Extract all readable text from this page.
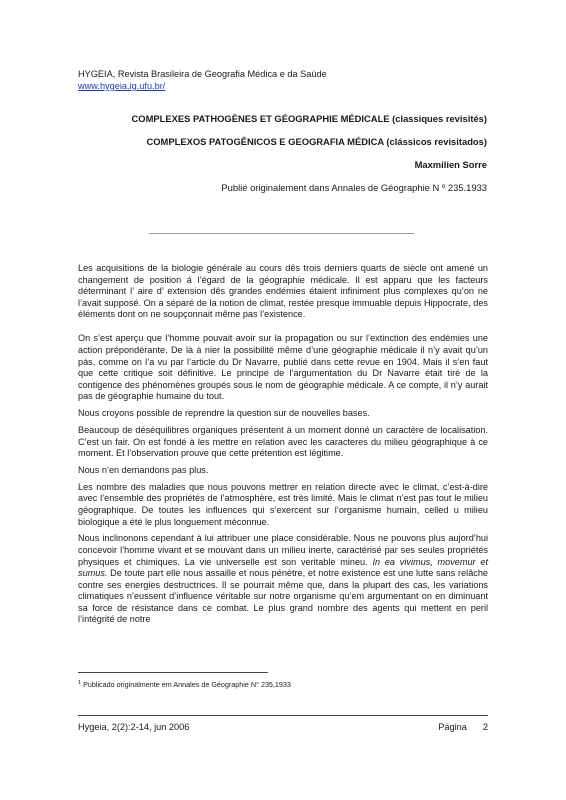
HYGEIA, Revista Brasileira de Geografia Médica e da Saúde
www.hygeia.ig.ufu.br/
COMPLEXES PATHOGÈNES ET GÉOGRAPHIE MÉDICALE (classiques revisités)
COMPLEXOS PATOGÊNICOS E GEOGRAFIA MÉDICA (clássicos revisitados)
Maxmilien Sorre
Publié originalement dans Annales de Géographie N º 235.1933

Les acquisitions de la biologie générale au cours dês trois derniers quarts de siècle ont amené un changement de position á l’égard de la géographie médicale. Il est apparu que les facteurs déterminant l’ aire d’ extension dês grandes endémies étaient infiniment plus complexes qu’on ne l’avait supposé. On a séparé de la notion de climat, restée presque immuable depuis Hippocrate, des éléments dont on ne soupçonnait même pas l’existence.

On s’est aperçu que l’homme pouvait avoir sur la propagation ou sur l’extinction des endémies une action prépondérante. De là à nier la possibilité même d’une géographie médicale il n’y avait qu’un pás, comme on l’a vu par l’article du Dr Navarre, publié dans cette revue en 1904. Mais il s’en faut que cette critique soit définitive. Le principe de l’argumentation du Dr Navarre était tiré de la contigence des phénomènes groupés sous le nom de géographie médicale. A ce compte, il n’y aurait pas de géographie humaine du tout.

Nous croyons possible de reprendre la question sur de nouvelles bases.

Beaucoup de déséquilibres organiques présentent à un moment donné un caractère de localisation. C’est un fair. On est fondé à les mettre en relation avec les caracteres du milieu géographique à ce moment. Et l’observation prouve que cette prétention est légitime.

Nous n’en demandons pas plus.

Les nombre des maladies que nous pouvons mettrer en relation directe avec le climat, c’est-à-dire avec l’ensemble des propriétés de l’atmosphère, est très limité. Mais le climat n’est pas tout le milieu géographique. De toutes les influences qui s’exercent sur l’organisme humain, celled u milieu biologique a été le plus longuement méconnue.

Nous inclinonons cependant à lui attribuer une place considérable. Nous ne pouvons plus aujord’hui concevoir l’homme vivant et se mouvant dans un milieu inerte, caractérisé par ses seules propriétés physiques et chimiques. La vie universelle est son veritable mineu. In ea vivimus, movemur et sumus. De toute part elle nous assaille et nous pénètre, et notre existence est une lutte sans relâche contre ses energies destructrices. Il se pourrait même que, dans la plupart des cas, les variations climatiques n’eussent d’influence véritable sur notre organisme qu’em argumentant on en diminuant sa force de résistance dans ce combat. Le plus grand nombre des agents qui mettent en peril l’intégrité de notre

$^1$ Publicado originalmente em Annales de Géographie N° 235,1933
Hygeia, 2(2):2-14, jun 2006	Página 2
